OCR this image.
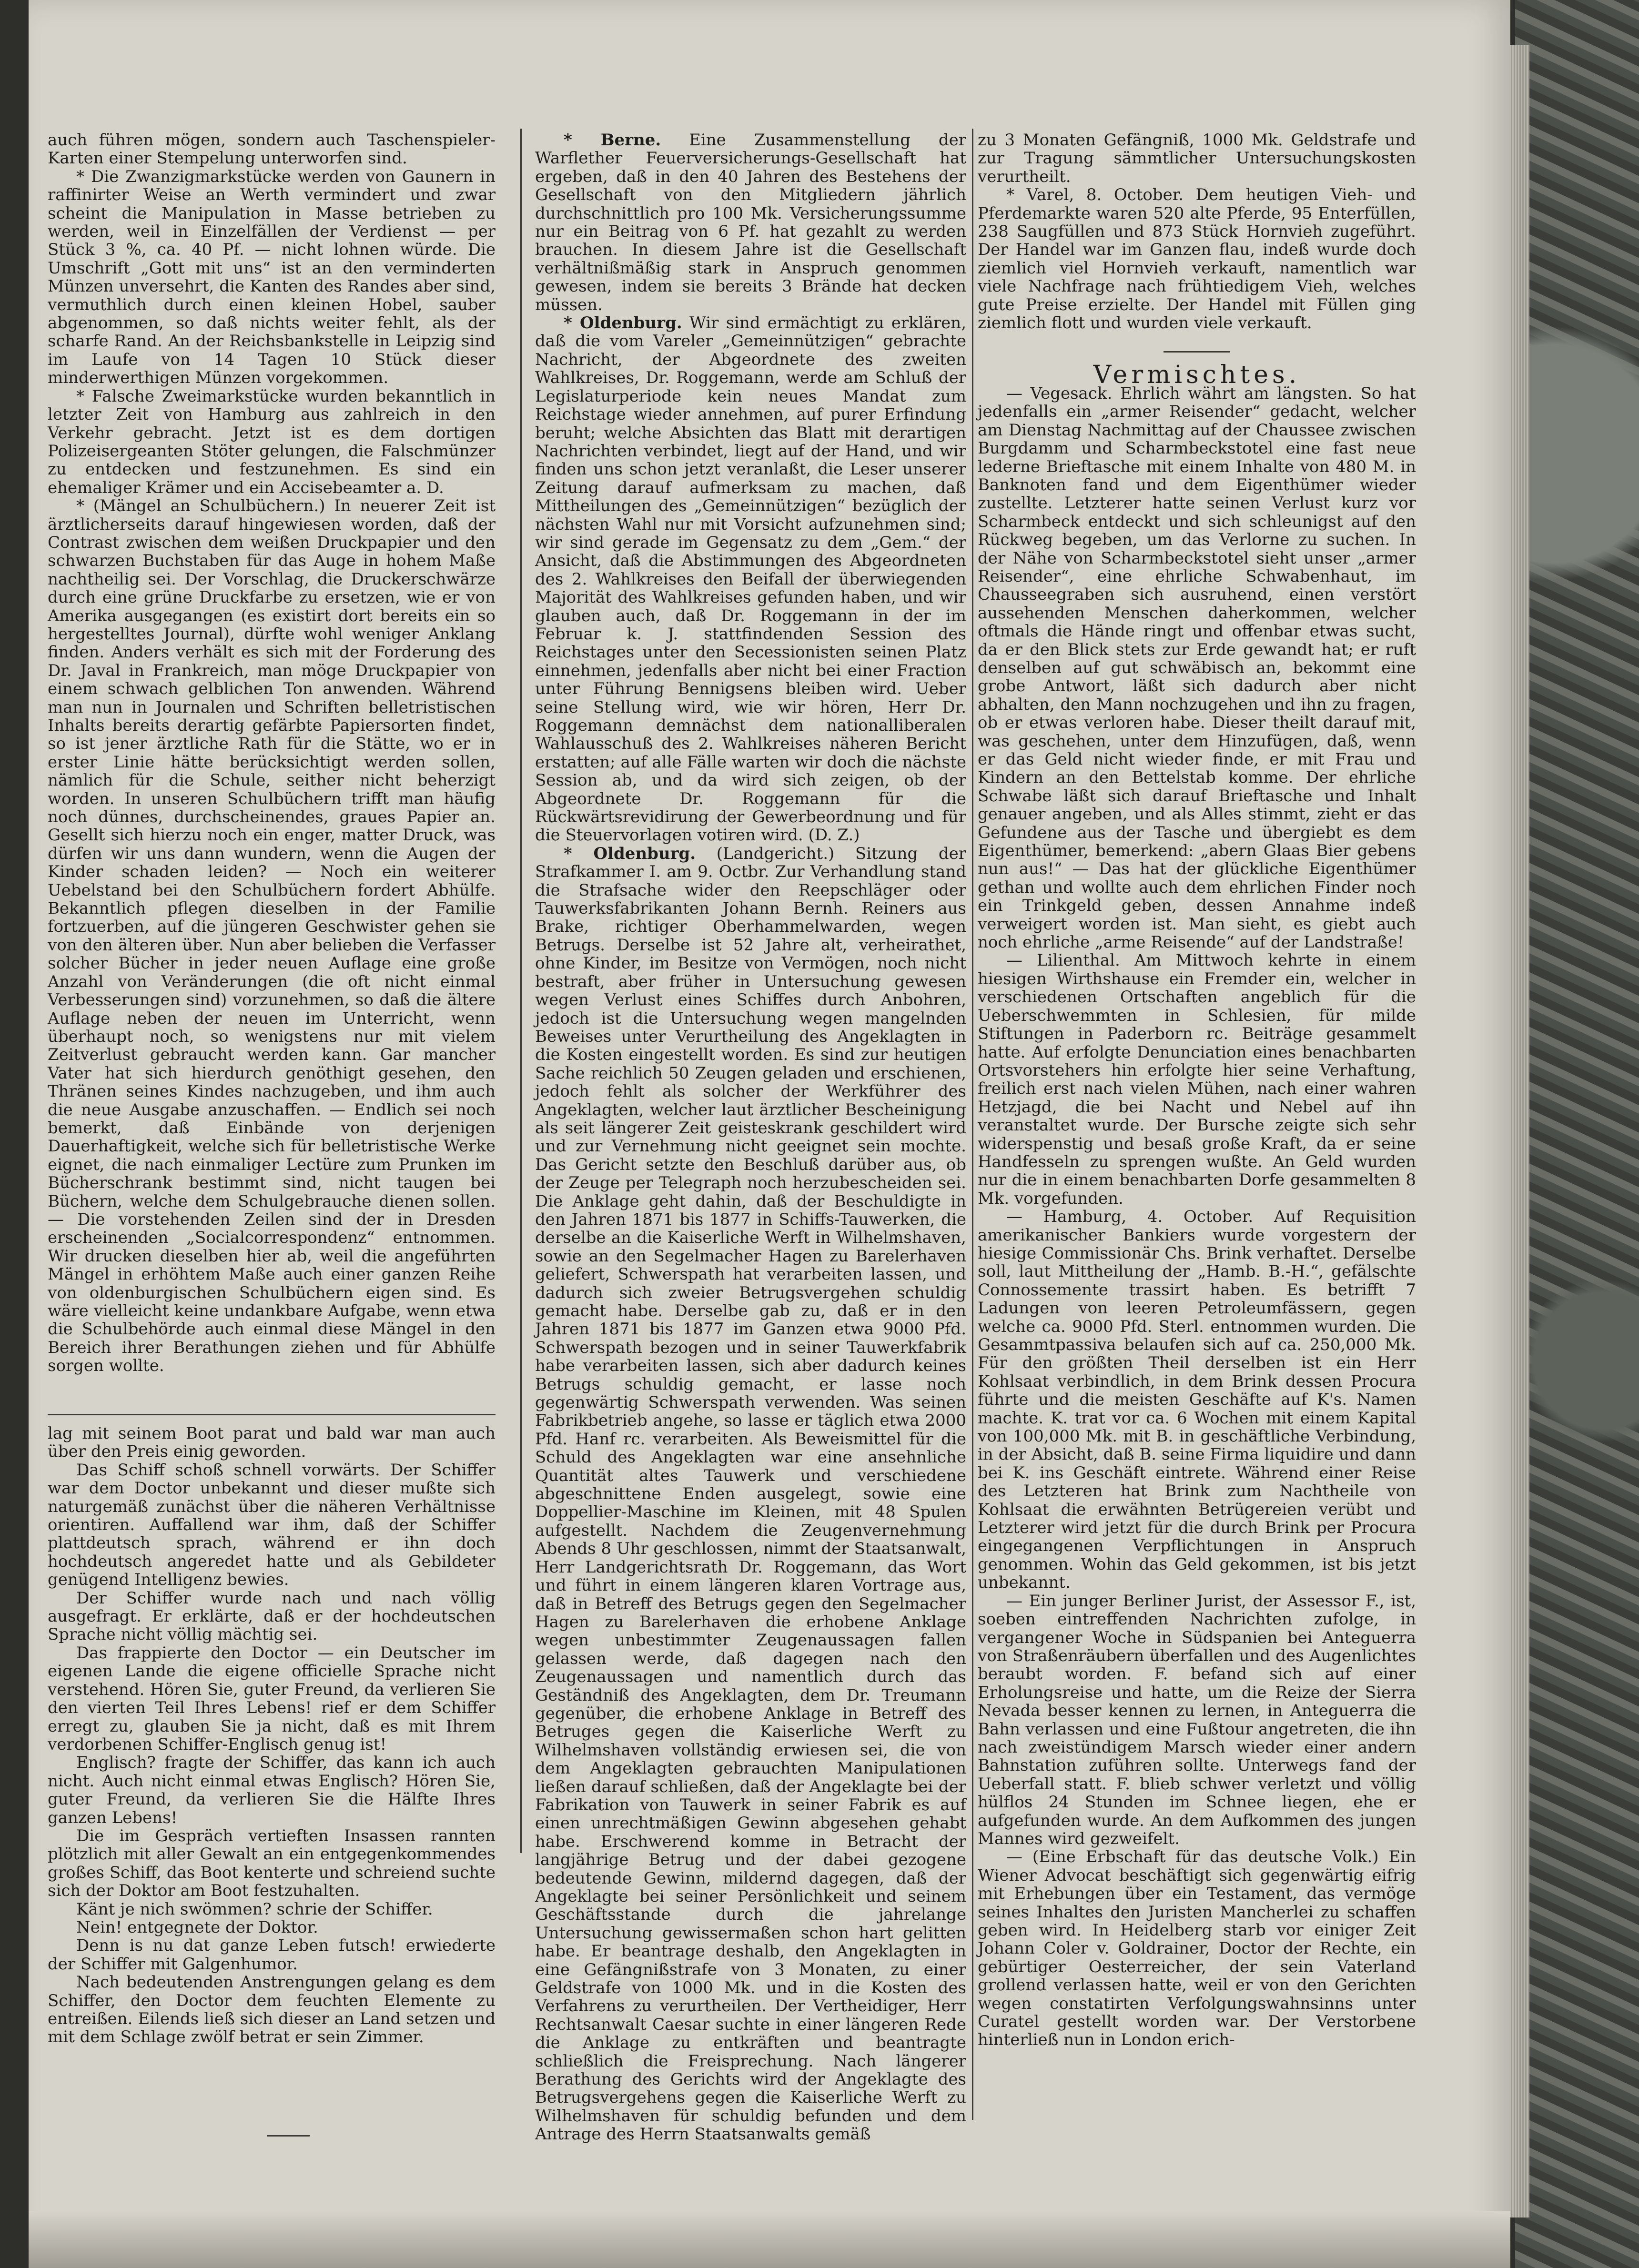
auch führen mögen, sondern auch Taschenspieler-Karten einer Stempelung unterworfen sind.

* Die Zwanzigmarkstücke werden von Gaunern in raffinirter Weise an Werth vermindert und zwar scheint die Manipulation in Masse betrieben zu werden, weil in Einzelfällen der Verdienst — per Stück 3 %, ca. 40 Pf. — nicht lohnen würde. Die Umschrift „Gott mit uns“ ist an den verminderten Münzen unversehrt, die Kanten des Randes aber sind, vermuthlich durch einen kleinen Hobel, sauber abgenommen, so daß nichts weiter fehlt, als der scharfe Rand. An der Reichsbankstelle in Leipzig sind im Laufe von 14 Tagen 10 Stück dieser minderwerthigen Münzen vorgekommen.

* Falsche Zweimarkstücke wurden bekanntlich in letzter Zeit von Hamburg aus zahlreich in den Verkehr gebracht. Jetzt ist es dem dortigen Polizeisergeanten Stöter gelungen, die Falschmünzer zu entdecken und festzunehmen. Es sind ein ehemaliger Krämer und ein Accisebeamter a. D.

* (Mängel an Schulbüchern.) In neuerer Zeit ist ärztlicherseits darauf hingewiesen worden, daß der Contrast zwischen dem weißen Druckpapier und den schwarzen Buchstaben für das Auge in hohem Maße nachtheilig sei. Der Vorschlag, die Druckerschwärze durch eine grüne Druckfarbe zu ersetzen, wie er von Amerika ausgegangen (es existirt dort bereits ein so hergestelltes Journal), dürfte wohl weniger Anklang finden. Anders verhält es sich mit der Forderung des Dr. Javal in Frankreich, man möge Druckpapier von einem schwach gelblichen Ton anwenden. Während man nun in Journalen und Schriften belletristischen Inhalts bereits derartig gefärbte Papiersorten findet, so ist jener ärztliche Rath für die Stätte, wo er in erster Linie hätte berücksichtigt werden sollen, nämlich für die Schule, seither nicht beherzigt worden. In unseren Schulbüchern trifft man häufig noch dünnes, durchscheinendes, graues Papier an. Gesellt sich hierzu noch ein enger, matter Druck, was dürfen wir uns dann wundern, wenn die Augen der Kinder schaden leiden? — Noch ein weiterer Uebelstand bei den Schulbüchern fordert Abhülfe. Bekanntlich pflegen dieselben in der Familie fortzuerben, auf die jüngeren Geschwister gehen sie von den älteren über. Nun aber belieben die Verfasser solcher Bücher in jeder neuen Auflage eine große Anzahl von Veränderungen (die oft nicht einmal Verbesserungen sind) vorzunehmen, so daß die ältere Auflage neben der neuen im Unterricht, wenn überhaupt noch, so wenigstens nur mit vielem Zeitverlust gebraucht werden kann. Gar mancher Vater hat sich hierdurch genöthigt gesehen, den Thränen seines Kindes nachzugeben, und ihm auch die neue Ausgabe anzuschaffen. — Endlich sei noch bemerkt, daß Einbände von derjenigen Dauerhaftigkeit, welche sich für belletristische Werke eignet, die nach einmaliger Lectüre zum Prunken im Bücherschrank bestimmt sind, nicht taugen bei Büchern, welche dem Schulgebrauche dienen sollen. — Die vorstehenden Zeilen sind der in Dresden erscheinenden „Socialcorrespondenz“ entnommen. Wir drucken dieselben hier ab, weil die angeführten Mängel in erhöhtem Maße auch einer ganzen Reihe von oldenburgischen Schulbüchern eigen sind. Es wäre vielleicht keine undankbare Aufgabe, wenn etwa die Schulbehörde auch einmal diese Mängel in den Bereich ihrer Berathungen ziehen und für Abhülfe sorgen wollte.

lag mit seinem Boot parat und bald war man auch über den Preis einig geworden.

Das Schiff schoß schnell vorwärts. Der Schiffer war dem Doctor unbekannt und dieser mußte sich naturgemäß zunächst über die näheren Verhältnisse orientiren. Auffallend war ihm, daß der Schiffer plattdeutsch sprach, während er ihn doch hochdeutsch angeredet hatte und als Gebildeter genügend Intelligenz bewies.

Der Schiffer wurde nach und nach völlig ausgefragt. Er erklärte, daß er der hochdeutschen Sprache nicht völlig mächtig sei.

Das frappierte den Doctor — ein Deutscher im eigenen Lande die eigene officielle Sprache nicht verstehend. Hören Sie, guter Freund, da verlieren Sie den vierten Teil Ihres Lebens! rief er dem Schiffer erregt zu, glauben Sie ja nicht, daß es mit Ihrem verdorbenen Schiffer-Englisch genug ist!

Englisch? fragte der Schiffer, das kann ich auch nicht. Auch nicht einmal etwas Englisch? Hören Sie, guter Freund, da verlieren Sie die Hälfte Ihres ganzen Lebens!

Die im Gespräch vertieften Insassen rannten plötzlich mit aller Gewalt an ein entgegenkommendes großes Schiff, das Boot kenterte und schreiend suchte sich der Doktor am Boot festzuhalten.

Känt je nich swömmen? schrie der Schiffer.

Nein! entgegnete der Doktor.

Denn is nu dat ganze Leben futsch! erwiederte der Schiffer mit Galgenhumor.

Nach bedeutenden Anstrengungen gelang es dem Schiffer, den Doctor dem feuchten Elemente zu entreißen. Eilends ließ sich dieser an Land setzen und mit dem Schlage zwölf betrat er sein Zimmer.

* Berne. Eine Zusammenstellung der Warflether Feuerversicherungs-Gesellschaft hat ergeben, daß in den 40 Jahren des Bestehens der Gesellschaft von den Mitgliedern jährlich durchschnittlich pro 100 Mk. Versicherungssumme nur ein Beitrag von 6 Pf. hat gezahlt zu werden brauchen. In diesem Jahre ist die Gesellschaft verhältnißmäßig stark in Anspruch genommen gewesen, indem sie bereits 3 Brände hat decken müssen.

* Oldenburg. Wir sind ermächtigt zu erklären, daß die vom Vareler „Gemeinnützigen“ gebrachte Nachricht, der Abgeordnete des zweiten Wahlkreises, Dr. Roggemann, werde am Schluß der Legislaturperiode kein neues Mandat zum Reichstage wieder annehmen, auf purer Erfindung beruht; welche Absichten das Blatt mit derartigen Nachrichten verbindet, liegt auf der Hand, und wir finden uns schon jetzt veranlaßt, die Leser unserer Zeitung darauf aufmerksam zu machen, daß Mittheilungen des „Gemeinnützigen“ bezüglich der nächsten Wahl nur mit Vorsicht aufzunehmen sind; wir sind gerade im Gegensatz zu dem „Gem.“ der Ansicht, daß die Abstimmungen des Abgeordneten des 2. Wahlkreises den Beifall der überwiegenden Majorität des Wahlkreises gefunden haben, und wir glauben auch, daß Dr. Roggemann in der im Februar k. J. stattfindenden Session des Reichstages unter den Secessionisten seinen Platz einnehmen, jedenfalls aber nicht bei einer Fraction unter Führung Bennigsens bleiben wird. Ueber seine Stellung wird, wie wir hören, Herr Dr. Roggemann demnächst dem nationalliberalen Wahlausschuß des 2. Wahlkreises näheren Bericht erstatten; auf alle Fälle warten wir doch die nächste Session ab, und da wird sich zeigen, ob der Abgeordnete Dr. Roggemann für die Rückwärtsrevidirung der Gewerbeordnung und für die Steuervorlagen votiren wird. (D. Z.)

* Oldenburg. (Landgericht.) Sitzung der Strafkammer I. am 9. Octbr. Zur Verhandlung stand die Strafsache wider den Reepschläger oder Tauwerksfabrikanten Johann Bernh. Reiners aus Brake, richtiger Oberhammelwarden, wegen Betrugs. Derselbe ist 52 Jahre alt, verheirathet, ohne Kinder, im Besitze von Vermögen, noch nicht bestraft, aber früher in Untersuchung gewesen wegen Verlust eines Schiffes durch Anbohren, jedoch ist die Untersuchung wegen mangelnden Beweises unter Verurtheilung des Angeklagten in die Kosten eingestellt worden. Es sind zur heutigen Sache reichlich 50 Zeugen geladen und erschienen, jedoch fehlt als solcher der Werkführer des Angeklagten, welcher laut ärztlicher Bescheinigung als seit längerer Zeit geisteskrank geschildert wird und zur Vernehmung nicht geeignet sein mochte. Das Gericht setzte den Beschluß darüber aus, ob der Zeuge per Telegraph noch herzubescheiden sei. Die Anklage geht dahin, daß der Beschuldigte in den Jahren 1871 bis 1877 in Schiffs-Tauwerken, die derselbe an die Kaiserliche Werft in Wilhelmshaven, sowie an den Segelmacher Hagen zu Barelerhaven geliefert, Schwerspath hat verarbeiten lassen, und dadurch sich zweier Betrugsvergehen schuldig gemacht habe. Derselbe gab zu, daß er in den Jahren 1871 bis 1877 im Ganzen etwa 9000 Pfd. Schwerspath bezogen und in seiner Tauwerkfabrik habe verarbeiten lassen, sich aber dadurch keines Betrugs schuldig gemacht, er lasse noch gegenwärtig Schwerspath verwenden. Was seinen Fabrikbetrieb angehe, so lasse er täglich etwa 2000 Pfd. Hanf rc. verarbeiten. Als Beweismittel für die Schuld des Angeklagten war eine ansehnliche Quantität altes Tauwerk und verschiedene abgeschnittene Enden ausgelegt, sowie eine Doppellier-Maschine im Kleinen, mit 48 Spulen aufgestellt. Nachdem die Zeugenvernehmung Abends 8 Uhr geschlossen, nimmt der Staatsanwalt, Herr Landgerichtsrath Dr. Roggemann, das Wort und führt in einem längeren klaren Vortrage aus, daß in Betreff des Betrugs gegen den Segelmacher Hagen zu Barelerhaven die erhobene Anklage wegen unbestimmter Zeugenaussagen fallen gelassen werde, daß dagegen nach den Zeugenaussagen und namentlich durch das Geständniß des Angeklagten, dem Dr. Treumann gegenüber, die erhobene Anklage in Betreff des Betruges gegen die Kaiserliche Werft zu Wilhelmshaven vollständig erwiesen sei, die von dem Angeklagten gebrauchten Manipulationen ließen darauf schließen, daß der Angeklagte bei der Fabrikation von Tauwerk in seiner Fabrik es auf einen unrechtmäßigen Gewinn abgesehen gehabt habe. Erschwerend komme in Betracht der langjährige Betrug und der dabei gezogene bedeutende Gewinn, mildernd dagegen, daß der Angeklagte bei seiner Persönlichkeit und seinem Geschäftsstande durch die jahrelange Untersuchung gewissermaßen schon hart gelitten habe. Er beantrage deshalb, den Angeklagten in eine Gefängnißstrafe von 3 Monaten, zu einer Geldstrafe von 1000 Mk. und in die Kosten des Verfahrens zu verurtheilen. Der Vertheidiger, Herr Rechtsanwalt Caesar suchte in einer längeren Rede die Anklage zu entkräften und beantragte schließlich die Freisprechung. Nach längerer Berathung des Gerichts wird der Angeklagte des Betrugsvergehens gegen die Kaiserliche Werft zu Wilhelmshaven für schuldig befunden und dem Antrage des Herrn Staatsanwalts gemäß

zu 3 Monaten Gefängniß, 1000 Mk. Geldstrafe und zur Tragung sämmtlicher Untersuchungskosten verurtheilt.

* Varel, 8. October. Dem heutigen Vieh- und Pferdemarkte waren 520 alte Pferde, 95 Enterfüllen, 238 Saugfüllen und 873 Stück Hornvieh zugeführt. Der Handel war im Ganzen flau, indeß wurde doch ziemlich viel Hornvieh verkauft, namentlich war viele Nachfrage nach frühtiedigem Vieh, welches gute Preise erzielte. Der Handel mit Füllen ging ziemlich flott und wurden viele verkauft.

Vermischtes.

— Vegesack. Ehrlich währt am längsten. So hat jedenfalls ein „armer Reisender“ gedacht, welcher am Dienstag Nachmittag auf der Chaussee zwischen Burgdamm und Scharmbeckstotel eine fast neue lederne Brieftasche mit einem Inhalte von 480 M. in Banknoten fand und dem Eigenthümer wieder zustellte. Letzterer hatte seinen Verlust kurz vor Scharmbeck entdeckt und sich schleunigst auf den Rückweg begeben, um das Verlorne zu suchen. In der Nähe von Scharmbeckstotel sieht unser „armer Reisender“, eine ehrliche Schwabenhaut, im Chausseegraben sich ausruhend, einen verstört aussehenden Menschen daherkommen, welcher oftmals die Hände ringt und offenbar etwas sucht, da er den Blick stets zur Erde gewandt hat; er ruft denselben auf gut schwäbisch an, bekommt eine grobe Antwort, läßt sich dadurch aber nicht abhalten, den Mann nochzugehen und ihn zu fragen, ob er etwas verloren habe. Dieser theilt darauf mit, was geschehen, unter dem Hinzufügen, daß, wenn er das Geld nicht wieder finde, er mit Frau und Kindern an den Bettelstab komme. Der ehrliche Schwabe läßt sich darauf Brieftasche und Inhalt genauer angeben, und als Alles stimmt, zieht er das Gefundene aus der Tasche und übergiebt es dem Eigenthümer, bemerkend: „abern Glaas Bier gebens nun aus!“ — Das hat der glückliche Eigenthümer gethan und wollte auch dem ehrlichen Finder noch ein Trinkgeld geben, dessen Annahme indeß verweigert worden ist. Man sieht, es giebt auch noch ehrliche „arme Reisende“ auf der Landstraße!

— Lilienthal. Am Mittwoch kehrte in einem hiesigen Wirthshause ein Fremder ein, welcher in verschiedenen Ortschaften angeblich für die Ueberschwemmten in Schlesien, für milde Stiftungen in Paderborn rc. Beiträge gesammelt hatte. Auf erfolgte Denunciation eines benachbarten Ortsvorstehers hin erfolgte hier seine Verhaftung, freilich erst nach vielen Mühen, nach einer wahren Hetzjagd, die bei Nacht und Nebel auf ihn veranstaltet wurde. Der Bursche zeigte sich sehr widerspenstig und besaß große Kraft, da er seine Handfesseln zu sprengen wußte. An Geld wurden nur die in einem benachbarten Dorfe gesammelten 8 Mk. vorgefunden.

— Hamburg, 4. October. Auf Requisition amerikanischer Bankiers wurde vorgestern der hiesige Commissionär Chs. Brink verhaftet. Derselbe soll, laut Mittheilung der „Hamb. B.-H.“, gefälschte Connossemente trassirt haben. Es betrifft 7 Ladungen von leeren Petroleumfässern, gegen welche ca. 9000 Pfd. Sterl. entnommen wurden. Die Gesammtpassiva belaufen sich auf ca. 250,000 Mk. Für den größten Theil derselben ist ein Herr Kohlsaat verbindlich, in dem Brink dessen Procura führte und die meisten Geschäfte auf K's. Namen machte. K. trat vor ca. 6 Wochen mit einem Kapital von 100,000 Mk. mit B. in geschäftliche Verbindung, in der Absicht, daß B. seine Firma liquidire und dann bei K. ins Geschäft eintrete. Während einer Reise des Letzteren hat Brink zum Nachtheile von Kohlsaat die erwähnten Betrügereien verübt und Letzterer wird jetzt für die durch Brink per Procura eingegangenen Verpflichtungen in Anspruch genommen. Wohin das Geld gekommen, ist bis jetzt unbekannt.

— Ein junger Berliner Jurist, der Assessor F., ist, soeben eintreffenden Nachrichten zufolge, in vergangener Woche in Südspanien bei Anteguerra von Straßenräubern überfallen und des Augenlichtes beraubt worden. F. befand sich auf einer Erholungsreise und hatte, um die Reize der Sierra Nevada besser kennen zu lernen, in Anteguerra die Bahn verlassen und eine Fußtour angetreten, die ihn nach zweistündigem Marsch wieder einer andern Bahnstation zuführen sollte. Unterwegs fand der Ueberfall statt. F. blieb schwer verletzt und völlig hülflos 24 Stunden im Schnee liegen, ehe er aufgefunden wurde. An dem Aufkommen des jungen Mannes wird gezweifelt.

— (Eine Erbschaft für das deutsche Volk.) Ein Wiener Advocat beschäftigt sich gegenwärtig eifrig mit Erhebungen über ein Testament, das vermöge seines Inhaltes den Juristen Mancherlei zu schaffen geben wird. In Heidelberg starb vor einiger Zeit Johann Coler v. Goldrainer, Doctor der Rechte, ein gebürtiger Oesterreicher, der sein Vaterland grollend verlassen hatte, weil er von den Gerichten wegen constatirten Verfolgungswahnsinns unter Curatel gestellt worden war. Der Verstorbene hinterließ nun in London erich-
